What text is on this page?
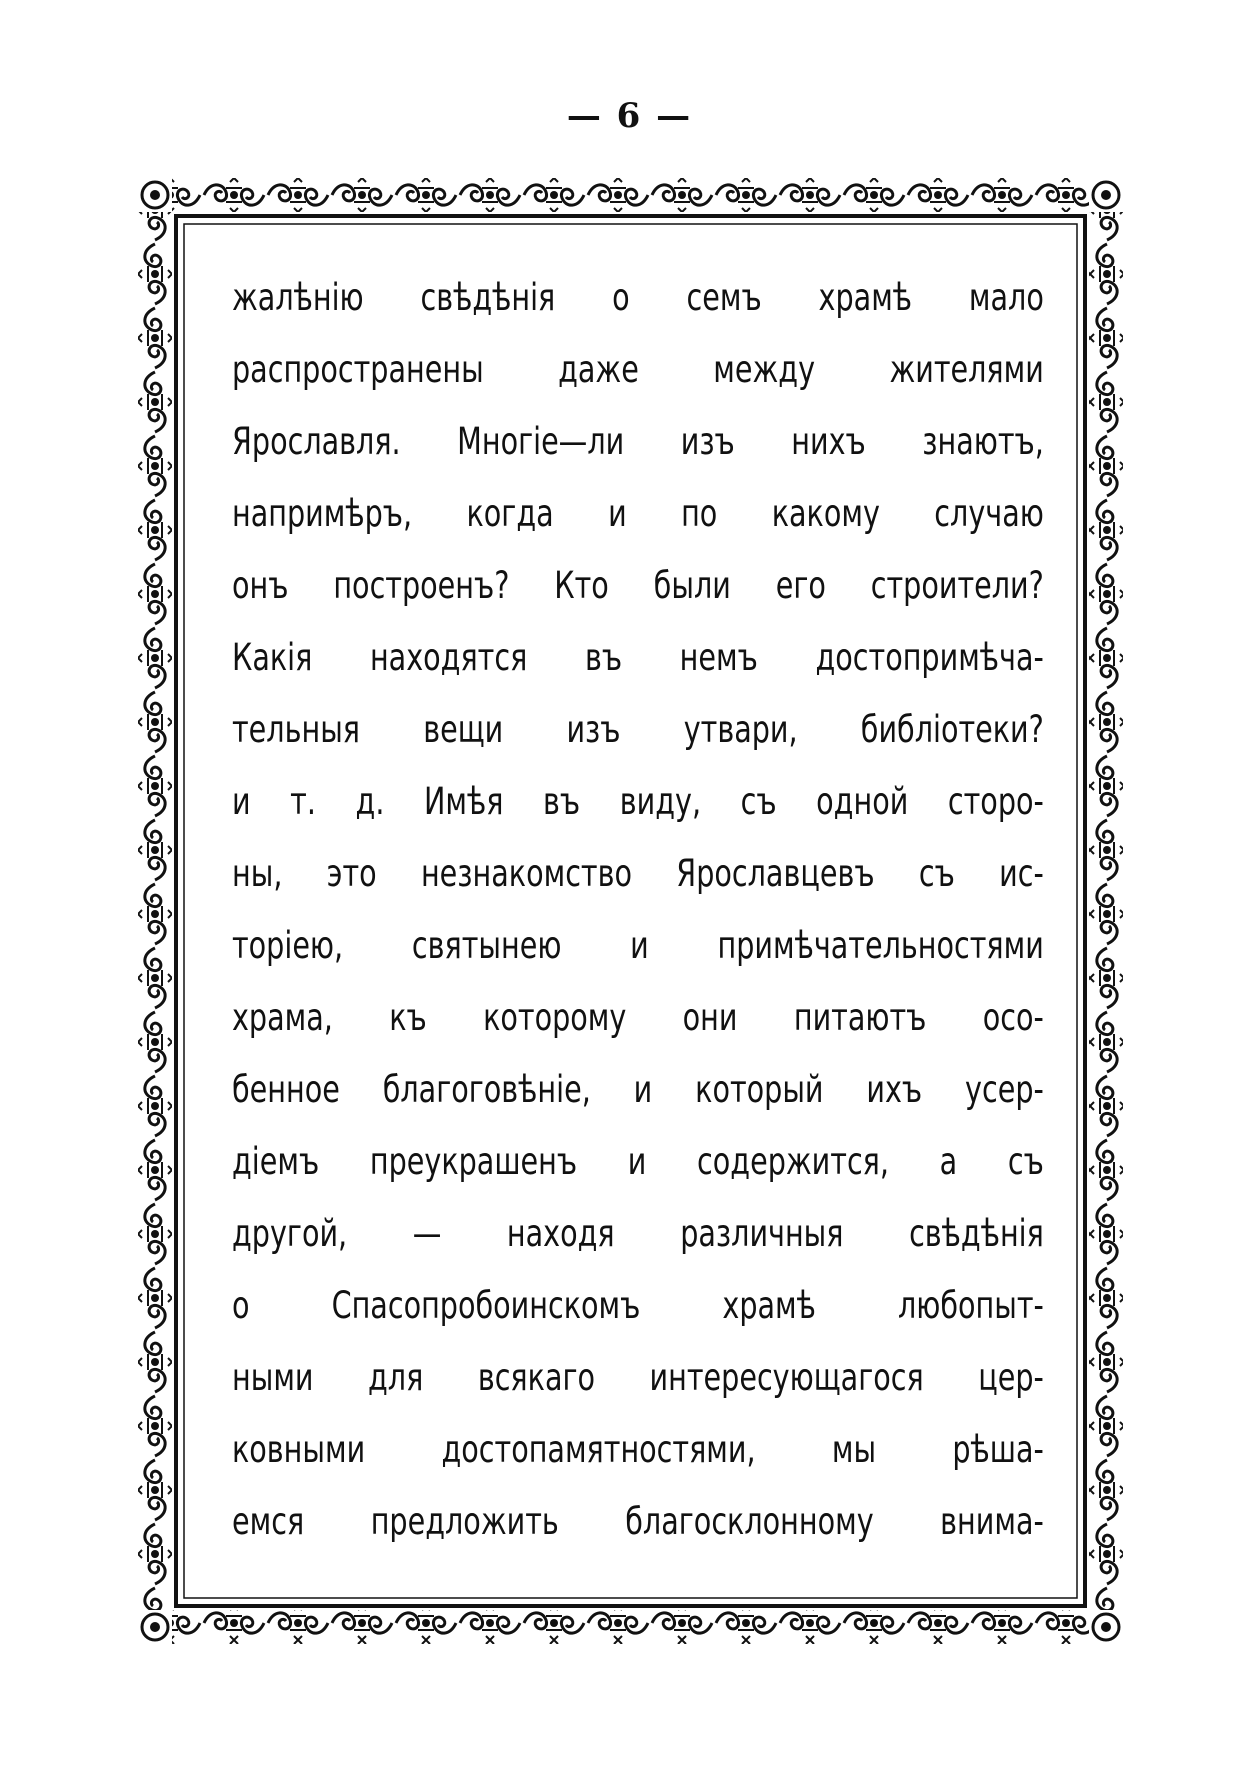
— 6 —
жалѣнію свѣдѣнія о семъ храмѣ мало
распространены даже между жителями
Ярославля. Многіе—ли изъ нихъ знаютъ,
напримѣръ, когда и по какому случаю
онъ построенъ? Кто были его строители?
Какія находятся въ немъ достопримѣча-
тельныя вещи изъ утвари, библіотеки?
и т. д. Имѣя въ виду, съ одной сторо-
ны, это незнакомство Ярославцевъ съ ис-
торіею, святынею и примѣчательностями
храма, къ которому они питаютъ осо-
бенное благоговѣніе, и который ихъ усер-
діемъ преукрашенъ и содержится, а съ
другой, — находя различныя свѣдѣнія
о Спасопробоинскомъ храмѣ любопыт-
ными для всякаго интересующагося цер-
ковными достопамятностями, мы рѣша-
емся предложить благосклонному внима-
